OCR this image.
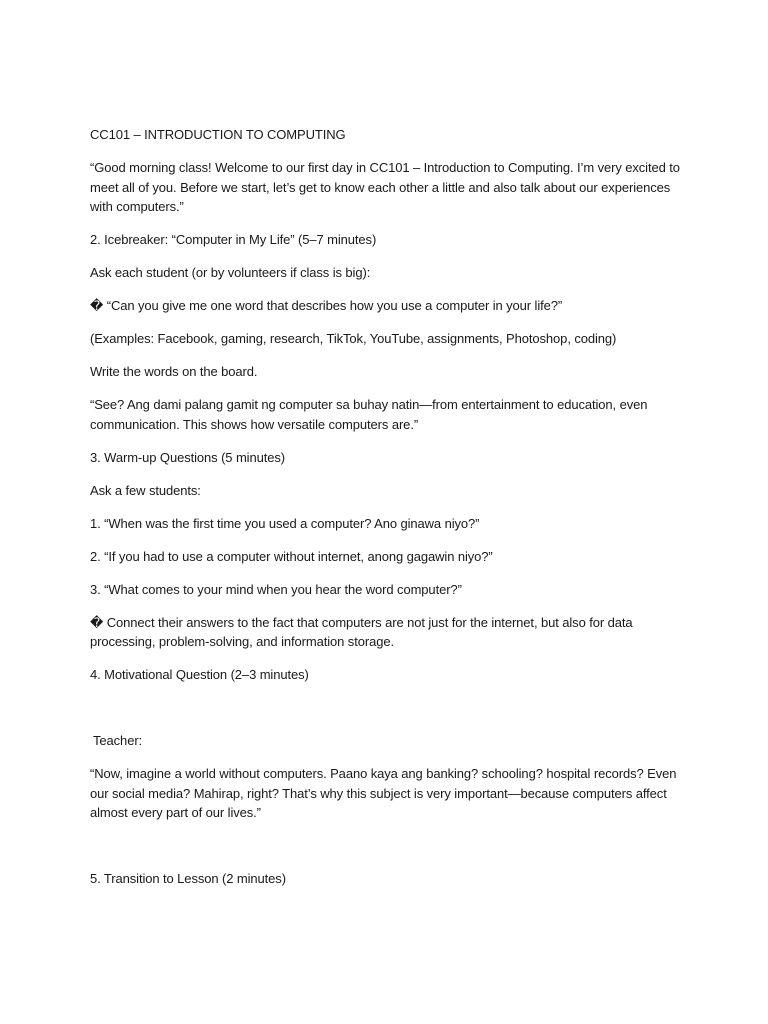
CC101 – INTRODUCTION TO COMPUTING

“Good morning class! Welcome to our first day in CC101 – Introduction to Computing. I’m very excited to meet all of you. Before we start, let’s get to know each other a little and also talk about our experiences with computers.”

2. Icebreaker: “Computer in My Life” (5–7 minutes)

Ask each student (or by volunteers if class is big):

� “Can you give me one word that describes how you use a computer in your life?”

(Examples: Facebook, gaming, research, TikTok, YouTube, assignments, Photoshop, coding)

Write the words on the board.

“See? Ang dami palang gamit ng computer sa buhay natin—from entertainment to education, even communication. This shows how versatile computers are.”

3. Warm-up Questions (5 minutes)

Ask a few students:

1. “When was the first time you used a computer? Ano ginawa niyo?”

2. “If you had to use a computer without internet, anong gagawin niyo?”

3. “What comes to your mind when you hear the word computer?”

� Connect their answers to the fact that computers are not just for the internet, but also for data processing, problem-solving, and information storage.

4. Motivational Question (2–3 minutes)

Teacher:

“Now, imagine a world without computers. Paano kaya ang banking? schooling? hospital records? Even our social media? Mahirap, right? That’s why this subject is very important—because computers affect almost every part of our lives.”

5. Transition to Lesson (2 minutes)
